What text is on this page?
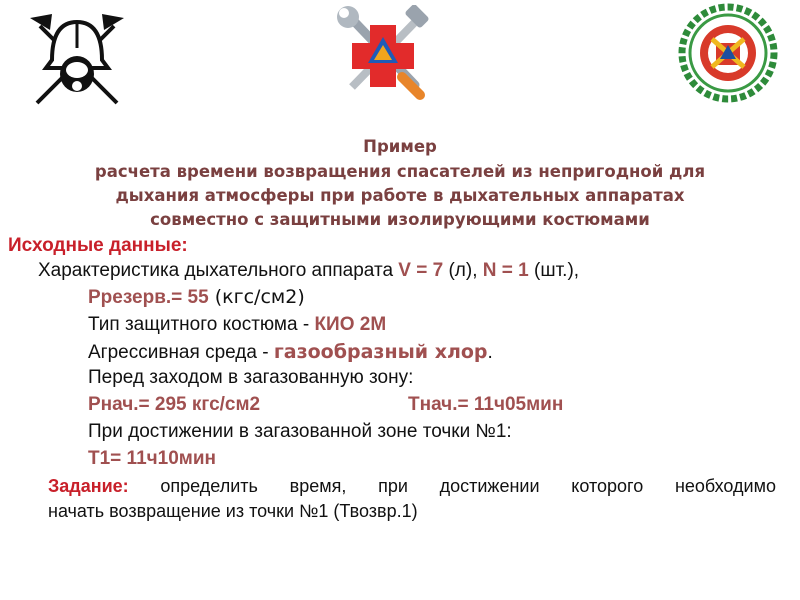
Пример
расчета времени возвращения спасателей из непригодной для
дыхания атмосферы при работе в дыхательных аппаратах
совместно с защитными изолирующими костюмами
Исходные данные:
Характеристика дыхательного аппарата V = 7 (л), N = 1 (шт.),
Ррезерв.= 55 (кгс/см2)
Тип защитного костюма - КИО 2М
Агрессивная среда - газообразный хлор.
Перед заходом в загазованную зону:
Рнач.= 295 кгс/см2	Тнач.= 11ч05мин
При достижении в загазованной зоне точки №1:
Т1= 11ч10мин
Задание: определить время, при достижении которого необходимо
начать возвращение из точки №1 (Твозвр.1)
